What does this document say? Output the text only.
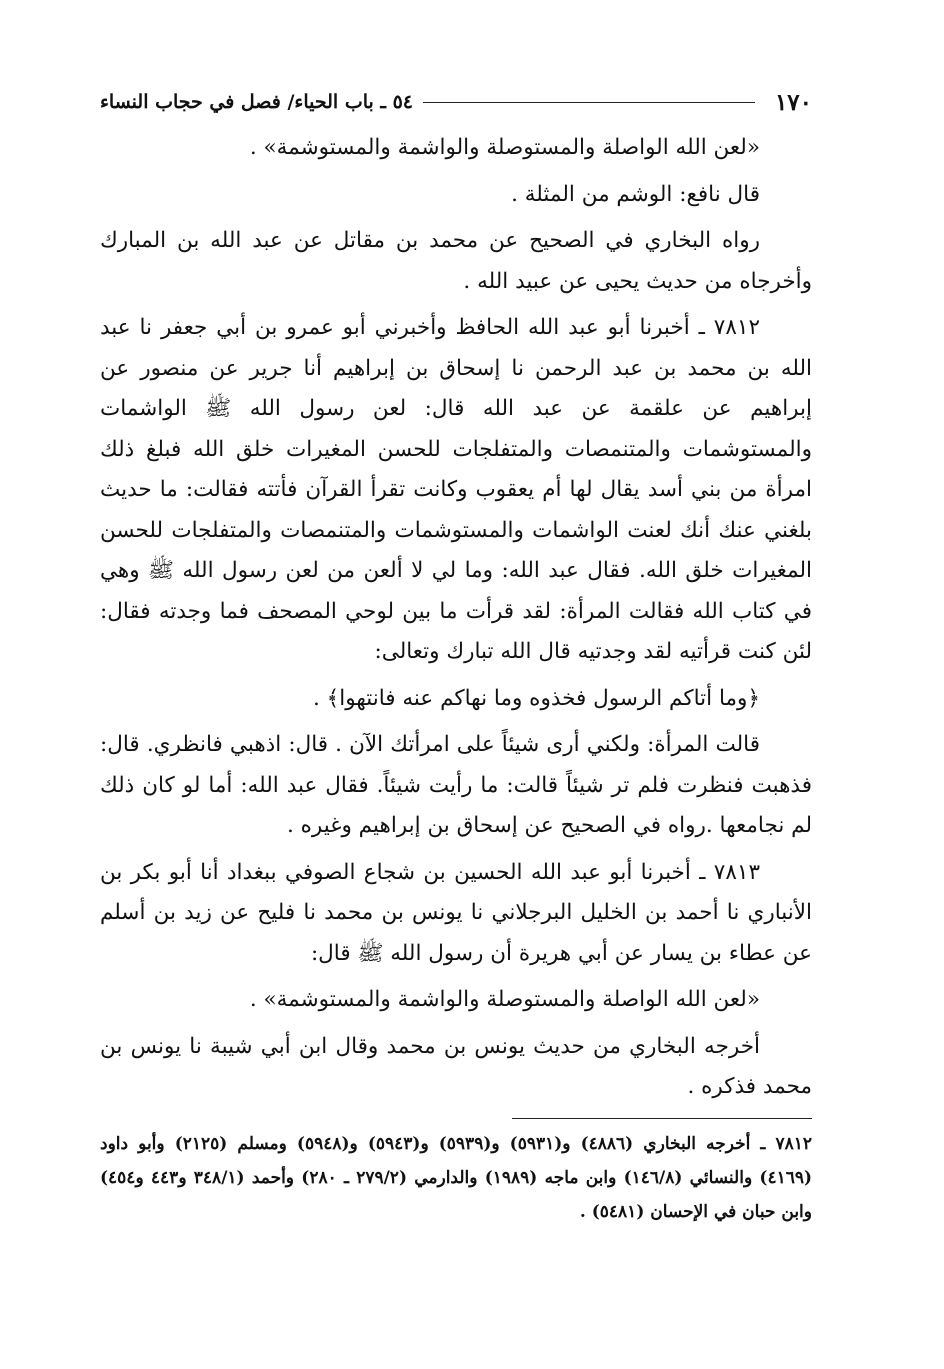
١٧٠
٥٤ ـ باب الحياء/ فصل في حجاب النساء

«لعن الله الواصلة والمستوصلة والواشمة والمستوشمة» .

قال نافع: الوشم من المثلة .

رواه البخاري في الصحيح عن محمد بن مقاتل عن عبد الله بن المبارك وأخرجاه من حديث يحيى عن عبيد الله .

٧٨١٢ ـ أخبرنا أبو عبد الله الحافظ وأخبرني أبو عمرو بن أبي جعفر نا عبد الله بن محمد بن عبد الرحمن نا إسحاق بن إبراهيم أنا جرير عن منصور عن إبراهيم عن علقمة عن عبد الله قال: لعن رسول الله ﷺ الواشمات والمستوشمات والمتنمصات والمتفلجات للحسن المغيرات خلق الله فبلغ ذلك امرأة من بني أسد يقال لها أم يعقوب وكانت تقرأ القرآن فأتته فقالت: ما حديث بلغني عنك أنك لعنت الواشمات والمستوشمات والمتنمصات والمتفلجات للحسن المغيرات خلق الله. فقال عبد الله: وما لي لا ألعن من لعن رسول الله ﷺ وهي في كتاب الله فقالت المرأة: لقد قرأت ما بين لوحي المصحف فما وجدته فقال: لئن كنت قرأتيه لقد وجدتيه قال الله تبارك وتعالى:

﴿وما أتاكم الرسول فخذوه وما نهاكم عنه فانتهوا﴾ .

قالت المرأة: ولكني أرى شيئاً على امرأتك الآن . قال: اذهبي فانظري. قال: فذهبت فنظرت فلم تر شيئاً قالت: ما رأيت شيئاً. فقال عبد الله: أما لو كان ذلك لم نجامعها .رواه في الصحيح عن إسحاق بن إبراهيم وغيره .

٧٨١٣ ـ أخبرنا أبو عبد الله الحسين بن شجاع الصوفي ببغداد أنا أبو بكر بن الأنباري نا أحمد بن الخليل البرجلاني نا يونس بن محمد نا فليح عن زيد بن أسلم عن عطاء بن يسار عن أبي هريرة أن رسول الله ﷺ قال:

«لعن الله الواصلة والمستوصلة والواشمة والمستوشمة» .

أخرجه البخاري من حديث يونس بن محمد وقال ابن أبي شيبة نا يونس بن محمد فذكره .

٧٨١٢ ـ أخرجه البخاري (٤٨٨٦) و(٥٩٣١) و(٥٩٣٩) و(٥٩٤٣) و(٥٩٤٨) ومسلم (٢١٢٥) وأبو داود (٤١٦٩) والنسائي (١٤٦/٨) وابن ماجه (١٩٨٩) والدارمي (٢٧٩/٢ ـ ٢٨٠) وأحمد (٣٤٨/١ و٤٤٣ و٤٥٤) وابن حبان في الإحسان (٥٤٨١) .
